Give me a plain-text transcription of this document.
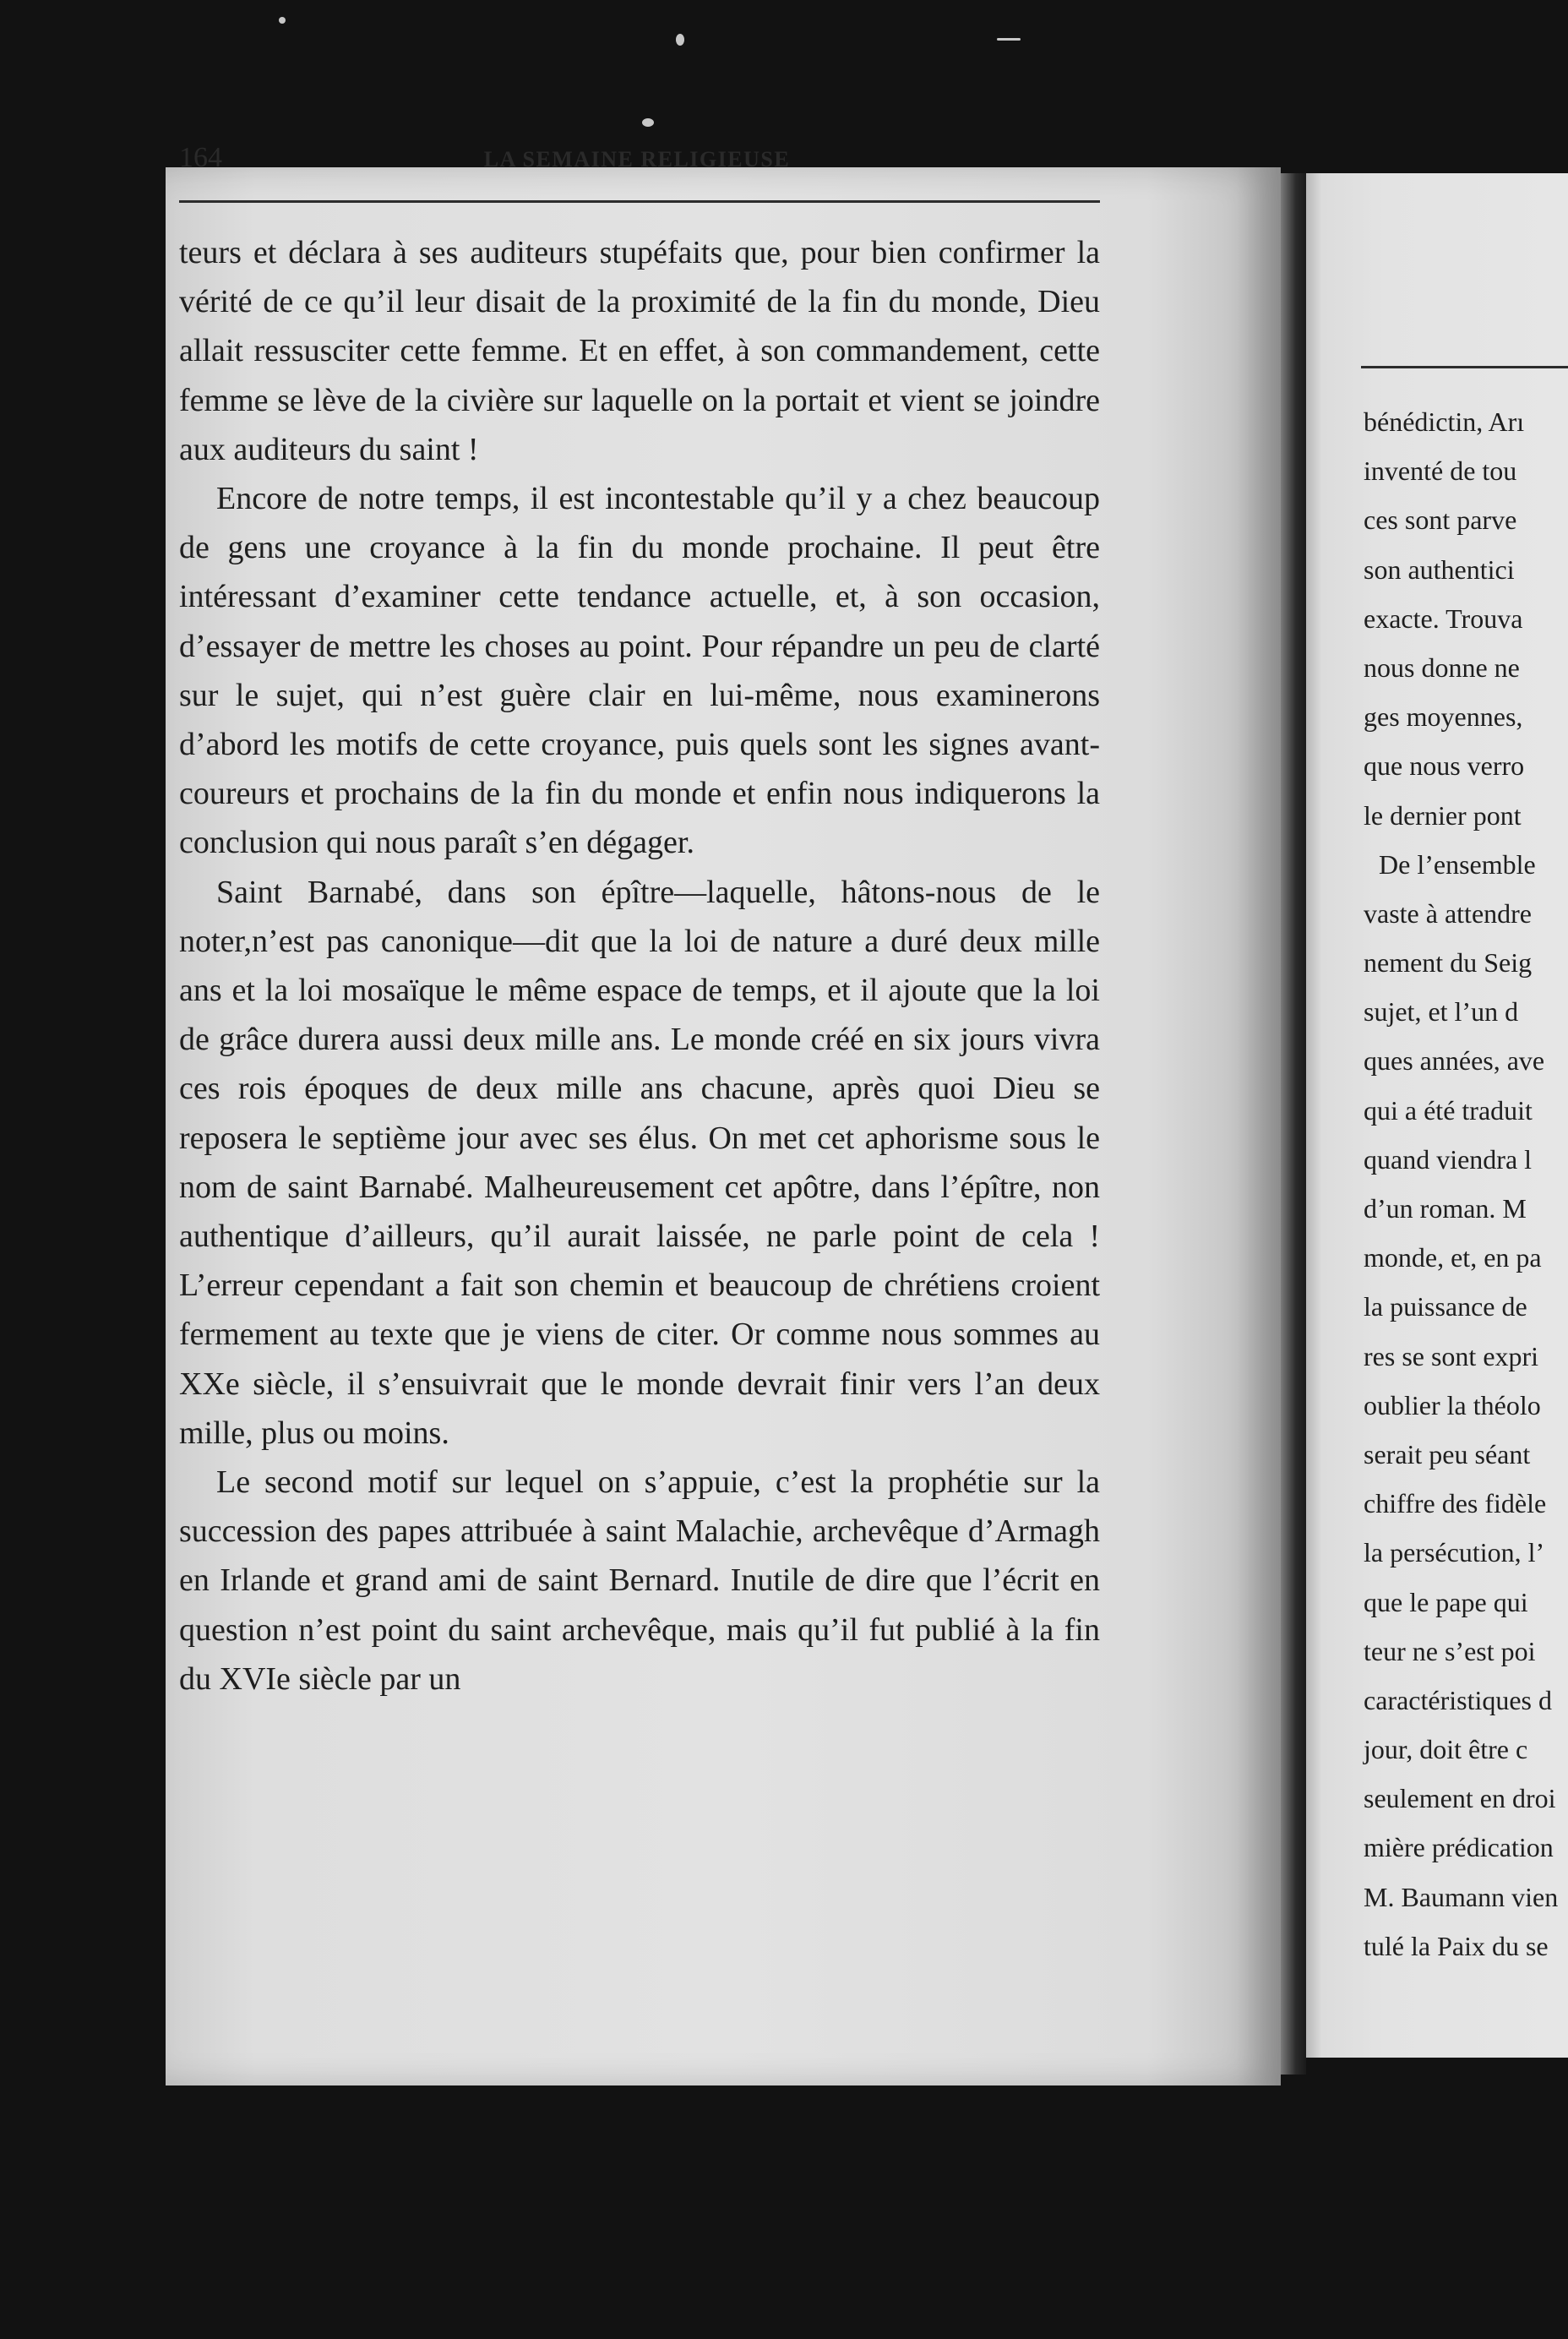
164	LA SEMAINE RELIGIEUSE

teurs et déclara à ses auditeurs stupéfaits que, pour bien confirmer la vérité de ce qu’il leur disait de la proximité de la fin du monde, Dieu allait ressusciter cette femme. Et en effet, à son commandement, cette femme se lève de la civière sur laquelle on la portait et vient se joindre aux auditeurs du saint !

Encore de notre temps, il est incontestable qu’il y a chez beaucoup de gens une croyance à la fin du monde prochaine. Il peut être intéressant d’examiner cette tendance actuelle, et, à son occasion, d’essayer de mettre les choses au point. Pour répandre un peu de clarté sur le sujet, qui n’est guère clair en lui-même, nous examinerons d’abord les motifs de cette croyance, puis quels sont les signes avant-coureurs et prochains de la fin du monde et enfin nous indiquerons la conclusion qui nous paraît s’en dégager.

Saint Barnabé, dans son épître—laquelle, hâtons-nous de le noter,n’est pas canonique—dit que la loi de nature a duré deux mille ans et la loi mosaïque le même espace de temps, et il ajoute que la loi de grâce durera aussi deux mille ans. Le monde créé en six jours vivra ces rois époques de deux mille ans chacune, après quoi Dieu se reposera le septième jour avec ses élus. On met cet aphorisme sous le nom de saint Barnabé. Malheureusement cet apôtre, dans l’épître, non authentique d’ailleurs, qu’il aurait laissée, ne parle point de cela ! L’erreur cependant a fait son chemin et beaucoup de chrétiens croient fermement au texte que je viens de citer. Or comme nous sommes au XXe siècle, il s’ensuivrait que le monde devrait finir vers l’an deux mille, plus ou moins.

Le second motif sur lequel on s’appuie, c’est la prophétie sur la succession des papes attribuée à saint Malachie, archevêque d’Armagh en Irlande et grand ami de saint Bernard. Inutile de dire que l’écrit en question n’est point du saint archevêque, mais qu’il fut publié à la fin du XVIe siècle par un

bénédictin, Arı
inventé de tou
ces sont parve
son authentici
exacte. Trouva
nous donne ne
ges moyennes,
que nous verro
le dernier pont
De l’ensemble
vaste à attendre
nement du Seig
sujet, et l’un d
ques années, ave
qui a été traduit
quand viendra l
d’un roman. M
monde, et, en pa
la puissance de
res se sont expri
oublier la théolo
serait peu séant
chiffre des fidèle
la persécution, l’
que le pape qui
teur ne s’est poi
caractéristiques d
jour, doit être c
seulement en droi
mière prédication
M. Baumann vien
tulé la Paix du se
